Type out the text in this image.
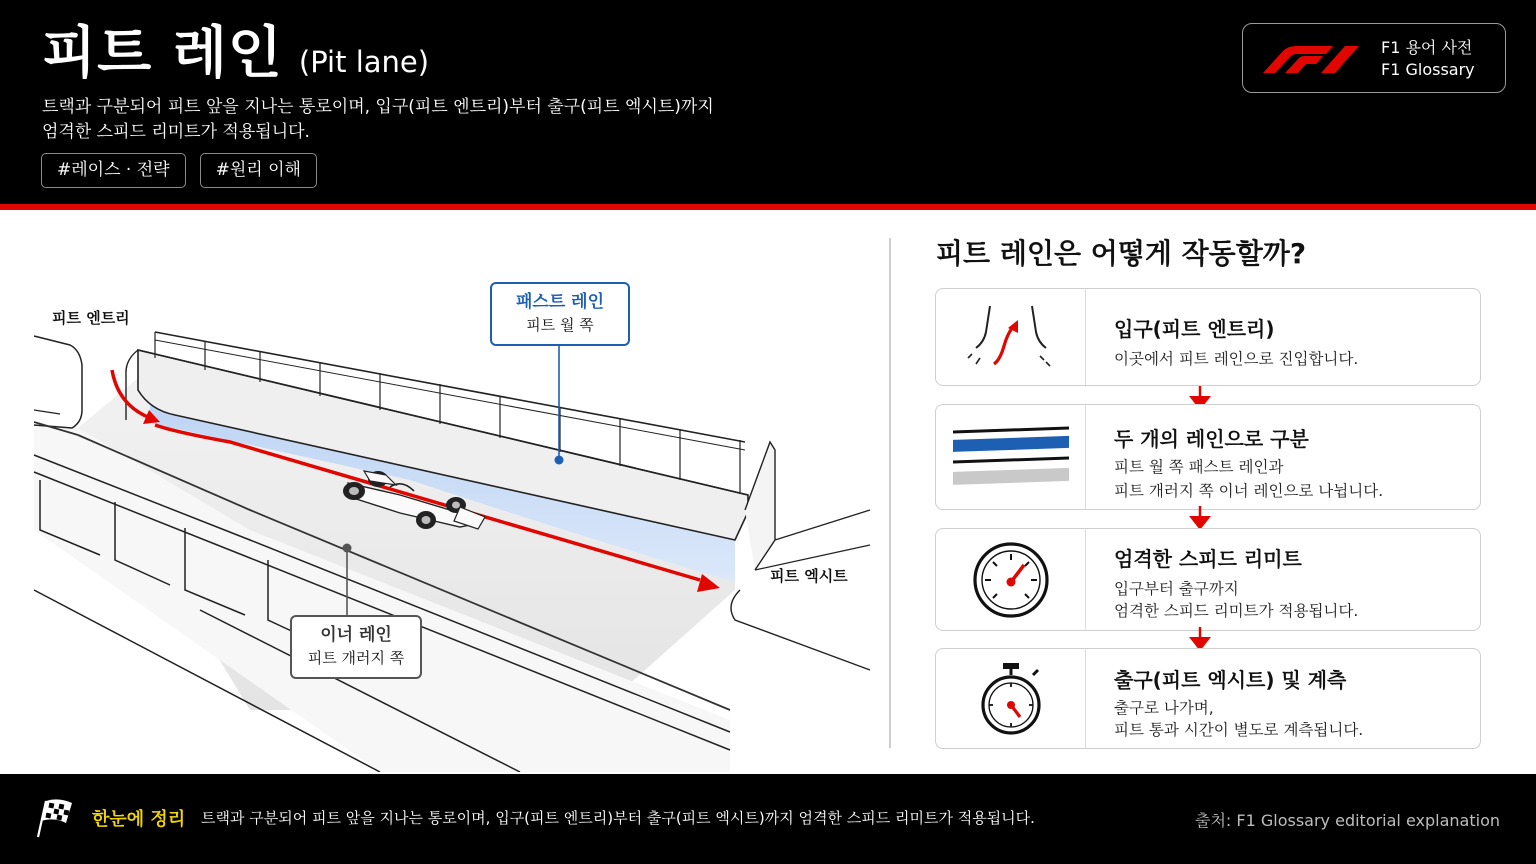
피트 레인 (Pit lane)
트랙과 구분되어 피트 앞을 지나는 통로이며, 입구(피트 엔트리)부터 출구(피트 엑시트)까지
엄격한 스피드 리미트가 적용됩니다.
#레이스 · 전략	#원리 이해
F1 용어 사전
F1 Glossary
피트 엔트리
피트 엑시트
패스트 레인
피트 월 쪽
이너 레인
피트 개러지 쪽
피트 레인은 어떻게 작동할까?
입구(피트 엔트리)
이곳에서 피트 레인으로 진입합니다.
두 개의 레인으로 구분
피트 월 쪽 패스트 레인과
피트 개러지 쪽 이너 레인으로 나뉩니다.
엄격한 스피드 리미트
입구부터 출구까지
엄격한 스피드 리미트가 적용됩니다.
출구(피트 엑시트) 및 계측
출구로 나가며,
피트 통과 시간이 별도로 계측됩니다.
한눈에 정리 트랙과 구분되어 피트 앞을 지나는 통로이며, 입구(피트 엔트리)부터 출구(피트 엑시트)까지 엄격한 스피드 리미트가 적용됩니다.	출처: F1 Glossary editorial explanation
